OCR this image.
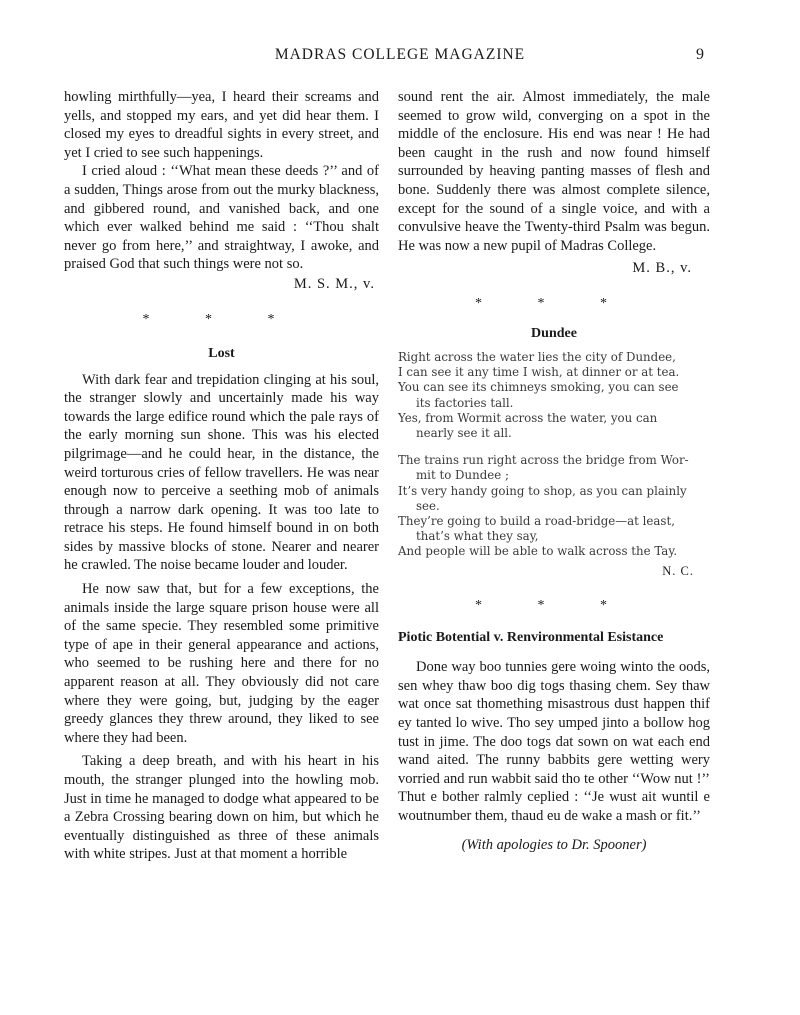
MADRAS COLLEGE MAGAZINE	9

howling mirthfully—yea, I heard their screams and yells, and stopped my ears, and yet did hear them. I closed my eyes to dreadful sights in every street, and yet I cried to see such happenings.

I cried aloud : ‘‘What mean these deeds ?’’ and of a sudden, Things arose from out the murky blackness, and gibbered round, and vanished back, and one which ever walked behind me said : ‘‘Thou shalt never go from here,’’ and straightway, I awoke, and praised God that such things were not so.

M. S. M., v.
* * *
Lost

With dark fear and trepidation clinging at his soul, the stranger slowly and uncertainly made his way towards the large edifice round which the pale rays of the early morning sun shone. This was his elected pilgrimage—and he could hear, in the distance, the weird torturous cries of fellow travellers. He was near enough now to perceive a seething mob of animals through a narrow dark opening. It was too late to retrace his steps. He found himself bound in on both sides by massive blocks of stone. Nearer and nearer he crawled. The noise became louder and louder.

He now saw that, but for a few exceptions, the animals inside the large square prison house were all of the same specie. They resembled some primitive type of ape in their general appearance and actions, who seemed to be rushing here and there for no apparent reason at all. They obviously did not care where they were going, but, judging by the eager greedy glances they threw around, they liked to see where they had been.

Taking a deep breath, and with his heart in his mouth, the stranger plunged into the howling mob. Just in time he managed to dodge what appeared to be a Zebra Crossing bearing down on him, but which he eventually distinguished as three of these animals with white stripes. Just at that moment a horrible

sound rent the air. Almost immediately, the male seemed to grow wild, converging on a spot in the middle of the enclosure. His end was near ! He had been caught in the rush and now found himself surrounded by heaving panting masses of flesh and bone. Suddenly there was almost complete silence, except for the sound of a single voice, and with a convulsive heave the Twenty-third Psalm was begun. He was now a new pupil of Madras College.

M. B., v.
* * *
Dundee
Right across the water lies the city of Dundee,
I can see it any time I wish, at dinner or at tea.
You can see its chimneys smoking, you can see
its factories tall.
Yes, from Wormit across the water, you can
nearly see it all.
The trains run right across the bridge from Wor-
mit to Dundee ;
It’s very handy going to shop, as you can plainly
see.
They’re going to build a road-bridge—at least,
that’s what they say,
And people will be able to walk across the Tay.
N. C.
* * *
Piotic Botential v. Renvironmental Esistance

Done way boo tunnies gere woing winto the oods, sen whey thaw boo dig togs thasing chem. Sey thaw wat once sat thomething misastrous dust happen thif ey tanted lo wive. Tho sey umped jinto a bollow hog tust in jime. The doo togs dat sown on wat each end wand aited. The runny babbits gere wetting wery vorried and run wabbit said tho te other ‘‘Wow nut !’’ Thut e bother ralmly ceplied : ‘‘Je wust ait wuntil e woutnumber them, thaud eu de wake a mash or fit.’’

(With apologies to Dr. Spooner)
